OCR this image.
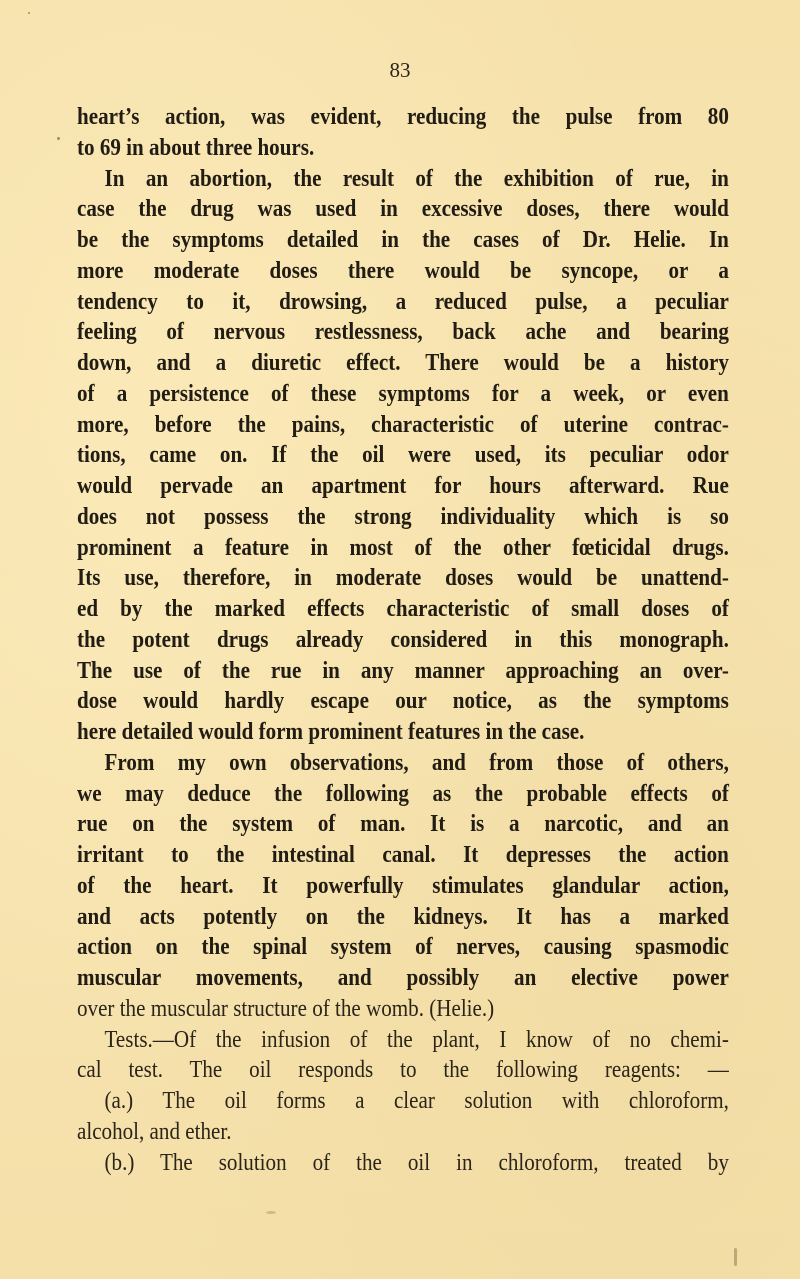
83
heart’s action, was evident, reducing the pulse from 80
to 69 in about three hours.
In an abortion, the result of the exhibition of rue, in
case the drug was used in excessive doses, there would
be the symptoms detailed in the cases of Dr. Helie. In
more moderate doses there would be syncope, or a
tendency to it, drowsing, a reduced pulse, a peculiar
feeling of nervous restlessness, back ache and bearing
down, and a diuretic effect. There would be a history
of a persistence of these symptoms for a week, or even
more, before the pains, characteristic of uterine contrac-
tions, came on. If the oil were used, its peculiar odor
would pervade an apartment for hours afterward. Rue
does not possess the strong individuality which is so
prominent a feature in most of the other fœticidal drugs.
Its use, therefore, in moderate doses would be unattend-
ed by the marked effects characteristic of small doses of
the potent drugs already considered in this monograph.
The use of the rue in any manner approaching an over-
dose would hardly escape our notice, as the symptoms
here detailed would form prominent features in the case.
From my own observations, and from those of others,
we may deduce the following as the probable effects of
rue on the system of man. It is a narcotic, and an
irritant to the intestinal canal. It depresses the action
of the heart. It powerfully stimulates glandular action,
and acts potently on the kidneys. It has a marked
action on the spinal system of nerves, causing spasmodic
muscular movements, and possibly an elective power
over the muscular structure of the womb. (Helie.)
Tests.—Of the infusion of the plant, I know of no chemi-
cal test. The oil responds to the following reagents: —
(a.) The oil forms a clear solution with chloroform,
alcohol, and ether.
(b.) The solution of the oil in chloroform, treated by
